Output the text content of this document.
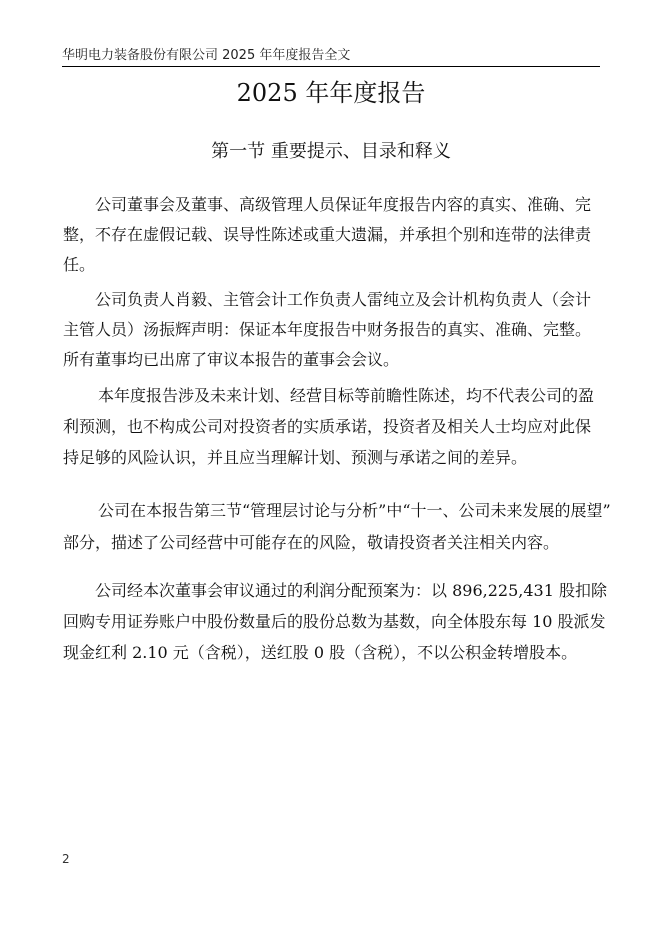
华明电力装备股份有限公司 2025 年年度报告全文
2025 年年度报告
第一节 重要提示、目录和释义
公司董事会及董事、高级管理人员保证年度报告内容的真实、准确、完
整，不存在虚假记载、误导性陈述或重大遗漏，并承担个别和连带的法律责
任。
公司负责人肖毅、主管会计工作负责人雷纯立及会计机构负责人（会计
主管人员）汤振辉声明：保证本年度报告中财务报告的真实、准确、完整。
所有董事均已出席了审议本报告的董事会会议。
本年度报告涉及未来计划、经营目标等前瞻性陈述，均不代表公司的盈
利预测，也不构成公司对投资者的实质承诺，投资者及相关人士均应对此保
持足够的风险认识，并且应当理解计划、预测与承诺之间的差异。
公司在本报告第三节“管理层讨论与分析”中“十一、公司未来发展的展望”
部分，描述了公司经营中可能存在的风险，敬请投资者关注相关内容。
公司经本次董事会审议通过的利润分配预案为：以 896,225,431 股扣除
回购专用证券账户中股份数量后的股份总数为基数，向全体股东每 10 股派发
现金红利 2.10 元（含税），送红股 0 股（含税），不以公积金转增股本。
2
